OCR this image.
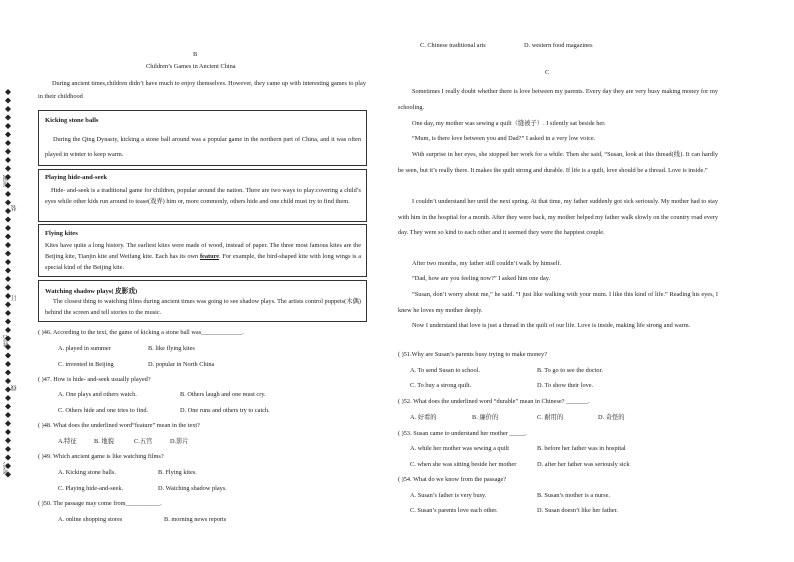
班级
姓名
考号
装
订
线
B
Children’s Games in Ancient China
During ancient times,children didn’t have much to enjoy themselves. However, they came up with interesting games to play in their childhood
Kicking stone balls
During the Qing Dynasty, kicking a stone ball around was a popular game in the northern part of China, and it was often played in winter to keep warm.
Playing hide-and-seek
Hide- and-seek is a traditional game for children, popular around the nation. There are two ways to play:covering a child’s eyes while other kids run around to tease(戏弄) him or, more commonly, others hide and one child must try to find them.
Flying kites
Kites have quite a long history. The earliest kites were made of wood, instead of paper. The three most famous kites are the Beijing kite, Tianjin kite and Weifang kite. Each has its own feature. For example, the bird-shaped kite with long wings is a special kind of the Beijing kite.
Watching shadow plays( 皮影戏)
The closest thing to watching films during ancient times was going to see shadow plays. The artists control puppets(木偶) behind the screen and tell stories to the music.
( )46. According to the text, the game of kicking a stone ball was_____________.
A. played in summer	B. like flying kites
C. invented in Beijing	D. popular in North China
( )47. How is hide- and-seek usually played?
A. One plays and others watch.	B. Others laugh and one must cry.
C. Others hide and one tries to find.	D. One runs and others try to catch.
( )48. What does the underlined word“feature” mean in the text?
A.特征	B. 地貌	C.五官	D.影片
( )49. Which ancient game is like watching films?
A. Kicking stone balls.	B. Flying kites.
C. Playing hide-and-seek.	D. Watching shadow plays.
( )50. The passage may come from___________.
A. online shopping stores	B. morning news reports
C. Chinese traditional arts	D. western food magazines
C
Sometimes I really doubt whether there is love between my parents. Every day they are very busy making money for my schooling.
One day, my mother was sewing a quilt（缝被子）. I silently sat beside her.
“Mum, is there love between you and Dad?” I asked in a very low voice.
With surprise in her eyes, she stopped her work for a while. Then she said, “Susan, look at this thread(线). It can hardly be seen, but it’s really there. It makes the quilt strong and durable. If life is a quilt, love should be a thread. Love is inside.”
I couldn’t understand her until the next spring. At that time, my father suddenly got sick seriously. My mother had to stay with him in the hospital for a month. After they were back, my mother helped my father walk slowly on the country road every day. They were so kind to each other and it seemed they were the happiest couple.
After two months, my father still couldn’t walk by himself.
“Dad, how are you feeling now?” I asked him one day.
“Susan, don’t worry about me,” he said. “I just like walking with your mum. I like this kind of life.” Reading his eyes, I knew he loves my mother deeply.
Now I understand that love is just a thread in the quilt of our life. Love is inside, making life strong and warm.
( )51.Why are Susan’s parents busy trying to make money?
A. To send Susan to school.	B. To go to see the doctor.
C. To buy a strong quilt.	D. To show their love.
( )52. What does the underlined word “durable” mean in Chinese? _______.
A. 好看的	B. 廉价的	C. 耐用的	D. 奇怪的
( )53. Susan came to understand her mother _____.
A. while her mother was sewing a quilt	B. before her father was in hospital
C. when she was sitting beside her mother	D. after her father was seriously sick
( )54. What do we know from the passage?
A. Susan’s father is very busy.	B. Susan’s mother is a nurse.
C. Susan’s parents love each other.	D. Susan doesn’t like her father.
